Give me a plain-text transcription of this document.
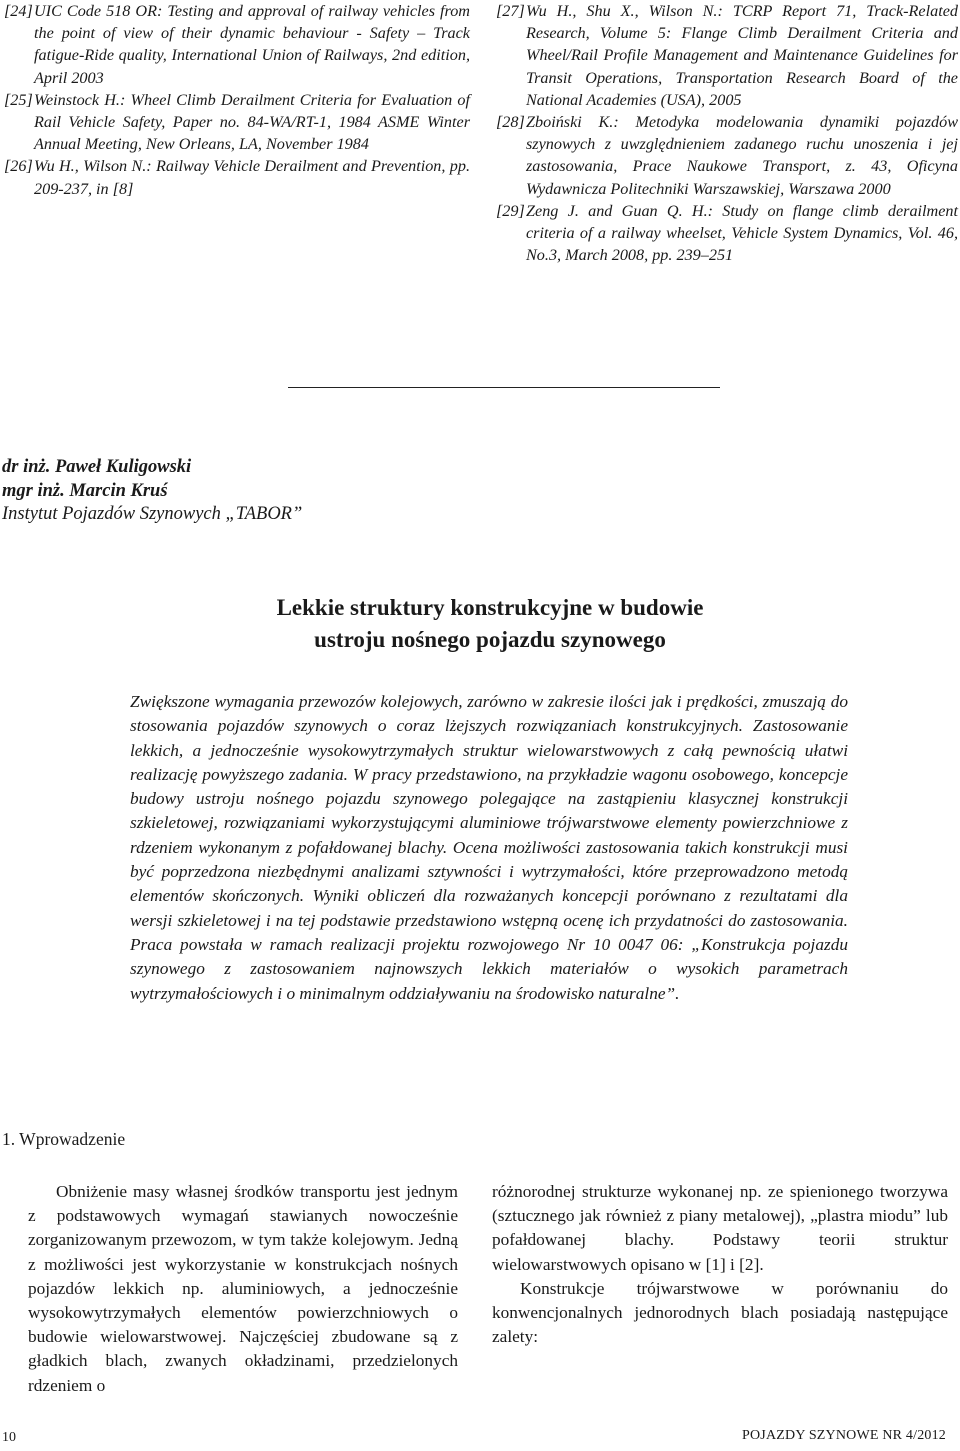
[24] UIC Code 518 OR: Testing and approval of railway vehicles from the point of view of their dynamic behaviour - Safety – Track fatigue-Ride quality, International Union of Railways, 2nd edition, April 2003
[25] Weinstock H.: Wheel Climb Derailment Criteria for Evaluation of Rail Vehicle Safety, Paper no. 84-WA/RT-1, 1984 ASME Winter Annual Meeting, New Orleans, LA, November 1984
[26] Wu H., Wilson N.: Railway Vehicle Derailment and Prevention, pp. 209-237, in [8]
[27] Wu H., Shu X., Wilson N.: TCRP Report 71, Track-Related Research, Volume 5: Flange Climb Derailment Criteria and Wheel/Rail Profile Management and Maintenance Guidelines for Transit Operations, Transportation Research Board of the National Academies (USA), 2005
[28] Zboiński K.: Metodyka modelowania dynamiki pojazdów szynowych z uwzględnieniem zadanego ruchu unoszenia i jej zastosowania, Prace Naukowe Transport, z. 43, Oficyna Wydawnicza Politechniki Warszawskiej, Warszawa 2000
[29] Zeng J. and Guan Q. H.: Study on flange climb derailment criteria of a railway wheelset, Vehicle System Dynamics, Vol. 46, No.3, March 2008, pp. 239–251
dr inż. Paweł Kuligowski
mgr inż. Marcin Kruś
Instytut Pojazdów Szynowych „TABOR”
Lekkie struktury konstrukcyjne w budowie
ustroju nośnego pojazdu szynowego
Zwiększone wymagania przewozów kolejowych, zarówno w zakresie ilości jak i prędkości, zmuszają do stosowania pojazdów szynowych o coraz lżejszych rozwiązaniach konstrukcyjnych. Zastosowanie lekkich, a jednocześnie wysokowytrzymałych struktur wielowarstwowych z całą pewnością ułatwi realizację powyższego zadania. W pracy przedstawiono, na przykładzie wagonu osobowego, koncepcje budowy ustroju nośnego pojazdu szynowego polegające na zastąpieniu klasycznej konstrukcji szkieletowej, rozwiązaniami wykorzystującymi aluminiowe trójwarstwowe elementy powierzchniowe z rdzeniem wykonanym z pofałdowanej blachy. Ocena możliwości zastosowania takich konstrukcji musi być poprzedzona niezbędnymi analizami sztywności i wytrzymałości, które przeprowadzono metodą elementów skończonych. Wyniki obliczeń dla rozważanych koncepcji porównano z rezultatami dla wersji szkieletowej i na tej podstawie przedstawiono wstępną ocenę ich przydatności do zastosowania. Praca powstała w ramach realizacji projektu rozwojowego Nr 10 0047 06: „Konstrukcja pojazdu szynowego z zastosowaniem najnowszych lekkich materiałów o wysokich parametrach wytrzymałościowych i o minimalnym oddziaływaniu na środowisko naturalne”.
1. Wprowadzenie

Obniżenie masy własnej środków transportu jest jednym z podstawowych wymagań stawianych nowocześnie zorganizowanym przewozom, w tym także kolejowym. Jedną z możliwości jest wykorzystanie w konstrukcjach nośnych pojazdów lekkich np. aluminiowych, a jednocześnie wysokowytrzymałych elementów powierzchniowych o budowie wielowarstwowej. Najczęściej zbudowane są z gładkich blach, zwanych okładzinami, przedzielonych rdzeniem o

różnorodnej strukturze wykonanej np. ze spienionego tworzywa (sztucznego jak również z piany metalowej), „plastra miodu” lub pofałdowanej blachy. Podstawy teorii struktur wielowarstwowych opisano w [1] i [2].

Konstrukcje trójwarstwowe w porównaniu do konwencjonalnych jednorodnych blach posiadają następujące zalety:

10	POJAZDY SZYNOWE NR 4/2012
